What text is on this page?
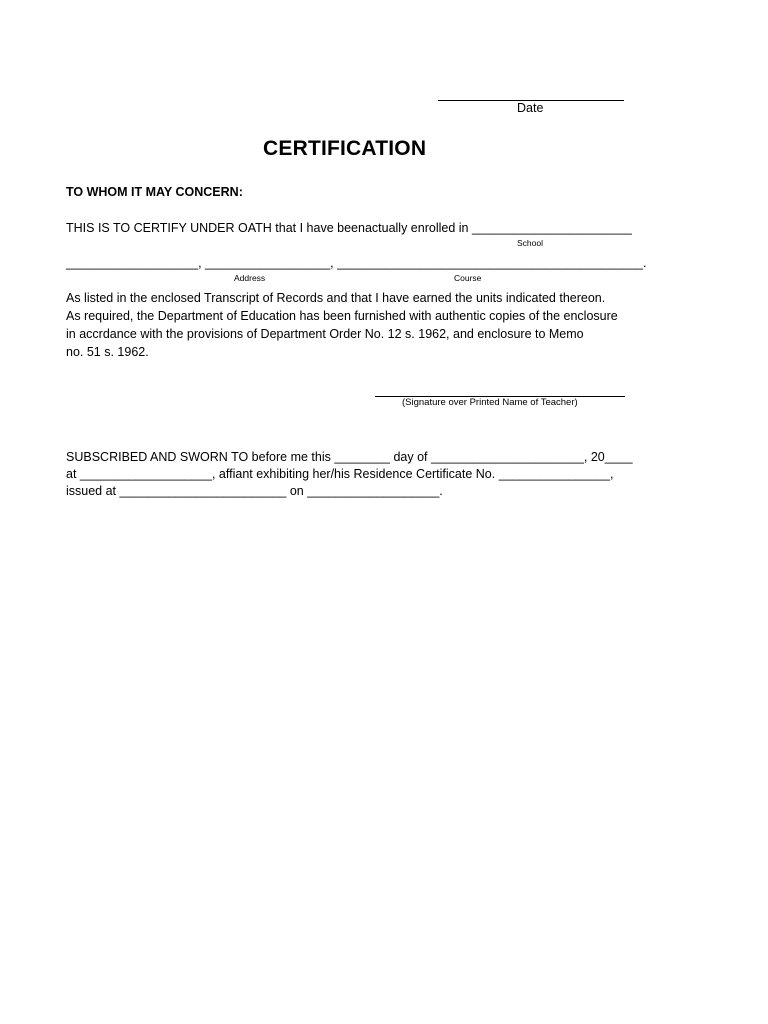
Date
CERTIFICATION
TO WHOM IT MAY CONCERN:
THIS IS TO CERTIFY UNDER OATH that I have beenactually enrolled in _______________________
School
___________________, __________________, ____________________________________________.
Address	Course
As listed in the enclosed Transcript of Records and that I have earned the units indicated thereon.
As required, the Department of Education has been furnished with authentic copies of the enclosure
in accrdance with the provisions of Department Order No. 12 s. 1962, and enclosure to Memo
no. 51 s. 1962.
(Signature over Printed Name of Teacher)
SUBSCRIBED AND SWORN TO before me this ________ day of ______________________, 20____
at ___________________, affiant exhibiting her/his Residence Certificate No. ________________,
issued at ________________________ on ___________________.
